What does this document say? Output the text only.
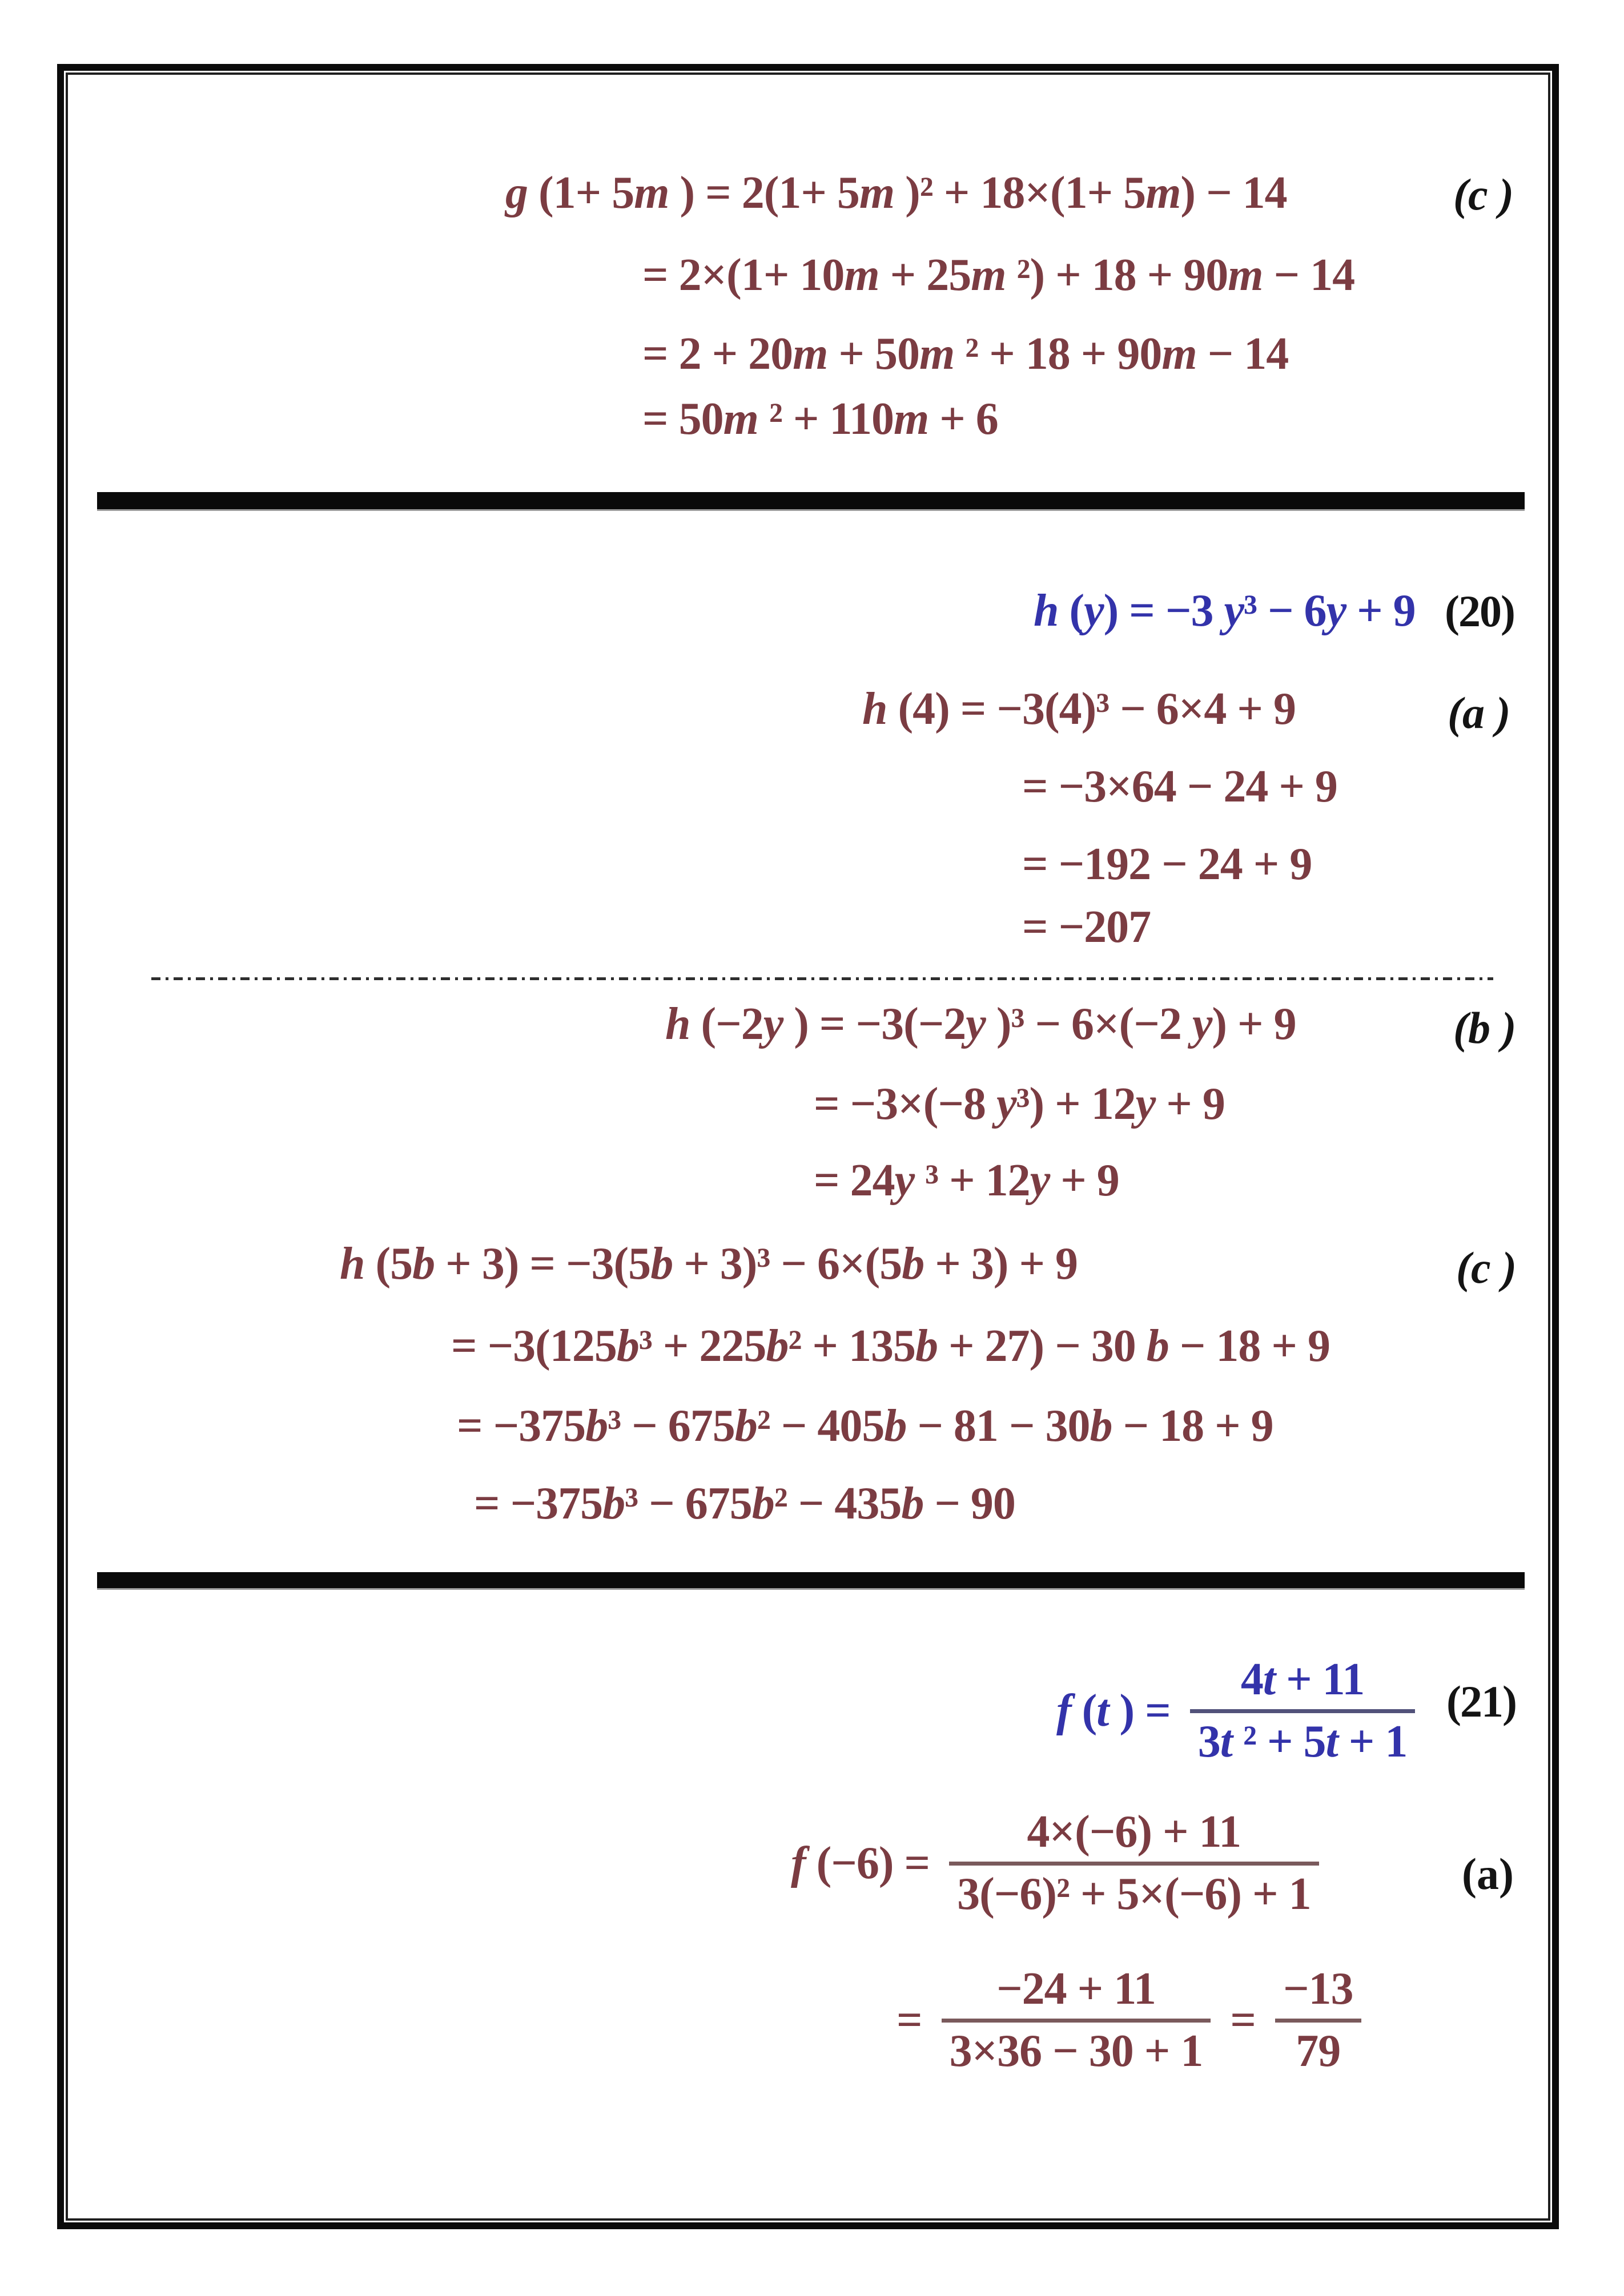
g (1+ 5m ) = 2(1+ 5m )² + 18×(1+ 5m) − 14	(c )
= 2×(1+ 10m + 25m ²) + 18 + 90m − 14
= 2 + 20m + 50m ² + 18 + 90m − 14
= 50m ² + 110m + 6
h (y) = −3 y³ − 6y + 9 (20)
h (4) = −3(4)³ − 6×4 + 9	(a )
= −3×64 − 24 + 9
= −192 − 24 + 9
= −207
h (−2y ) = −3(−2y )³ − 6×(−2 y) + 9	(b )
= −3×(−8 y³) + 12y + 9
= 24y ³ + 12y + 9
h (5b + 3) = −3(5b + 3)³ − 6×(5b + 3) + 9	(c )
= −3(125b³ + 225b² + 135b + 27) − 30 b − 18 + 9
= −375b³ − 675b² − 405b − 81 − 30b − 18 + 9
= −375b³ − 675b² − 435b − 90
f (t ) =
4t + 11
3t ² + 5t + 1
(21)
f (−6) =
4×(−6) + 11
3(−6)² + 5×(−6) + 1	(a)
=
−24 + 11
3×36 − 30 + 1
=
−13
79
